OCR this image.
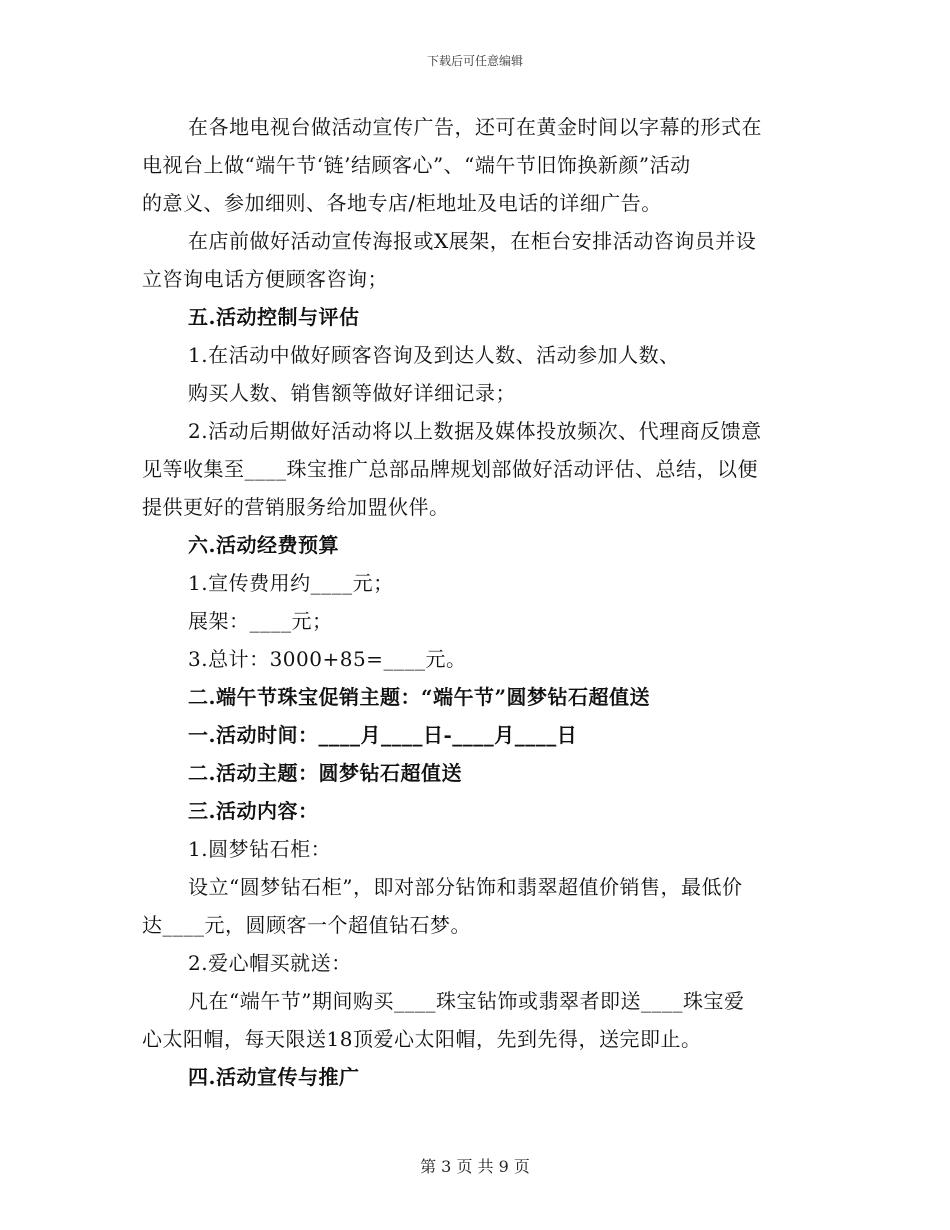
下载后可任意编辑
在各地电视台做活动宣传广告，还可在黄金时间以字幕的形式在
电视台上做“端午节‘链’结顾客心”、“端午节旧饰换新颜”活动
的意义、参加细则、各地专店/柜地址及电话的详细广告。
在店前做好活动宣传海报或X展架，在柜台安排活动咨询员并设
立咨询电话方便顾客咨询；
五.活动控制与评估
1.在活动中做好顾客咨询及到达人数、活动参加人数、
购买人数、销售额等做好详细记录；
2.活动后期做好活动将以上数据及媒体投放频次、代理商反馈意
见等收集至____珠宝推广总部品牌规划部做好活动评估、总结，以便
提供更好的营销服务给加盟伙伴。
六.活动经费预算
1.宣传费用约____元；
展架：____元；
3.总计：3000+85=____元。
二.端午节珠宝促销主题：“端午节”圆梦钻石超值送
一.活动时间：____月____日-____月____日
二.活动主题：圆梦钻石超值送
三.活动内容：
1.圆梦钻石柜：
设立“圆梦钻石柜”，即对部分钻饰和翡翠超值价销售，最低价
达____元，圆顾客一个超值钻石梦。
2.爱心帽买就送：
凡在“端午节”期间购买____珠宝钻饰或翡翠者即送____珠宝爱
心太阳帽，每天限送18顶爱心太阳帽，先到先得，送完即止。
四.活动宣传与推广
第 3 页 共 9 页
